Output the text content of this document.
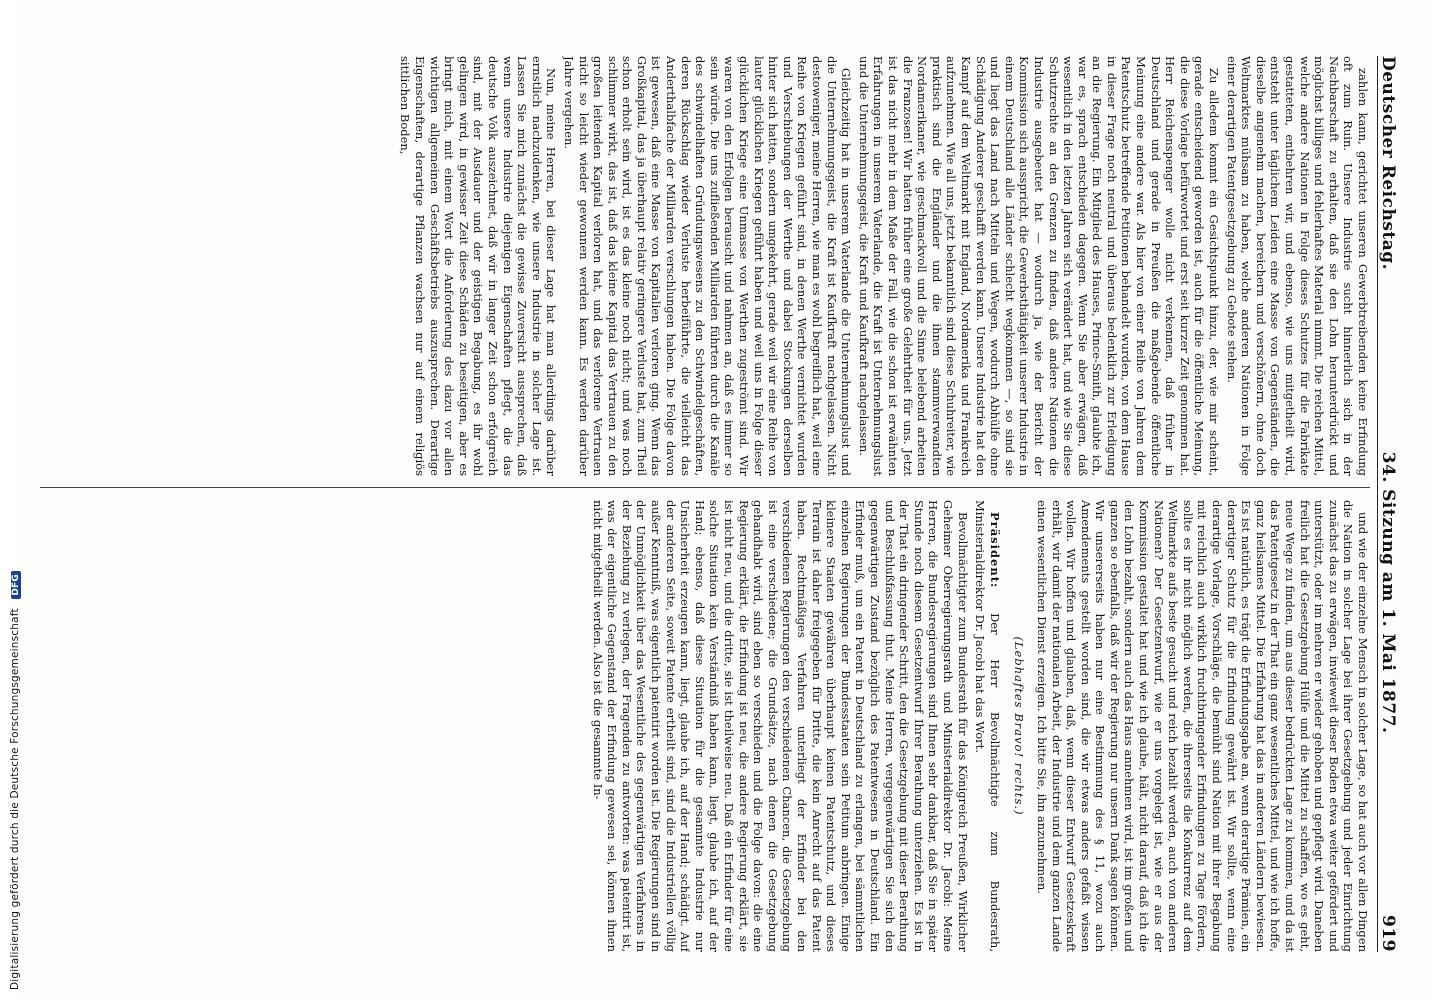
Deutscher Reichstag.
34. Sitzung am 1. Mai 1877.
919

zahlen kann, gerichtet unseren Gewerbtreibenden keine Erfindung oft zum Ruin. Unsere Industrie sucht hinnerlich sich in der Nachbarschaft zu erhalten, daß sie den Lohn herunterdrückt und möglichst billiges und fehlerhaftes Material nimmt. Die reichen Mittel, welche andere Nationen in Folge dieses Schutzes für die Fabrikate gestatteten, entbehren wir, und ebenso, wie uns mitgetheilt wird, entsteht unter täglichem Leiden eine Masse von Gegenständen, die dieselbe angenehm machen, bereichern und verschönern, ohne doch Weltmarktes mühsam zu haben, welche anderen Nationen in Folge einer derartigen Patentgesetzgebung zu Gebote stehen.

Zu alledem kommt ein Gesichtspunkt hinzu, der, wie mir scheint, gerade entscheidend geworden ist, auch für die öffentliche Meinung, die diese Vorlage befürwortet und erst seit kurzer Zeit genommen hat. Herr Reichenspenger wolle nicht verkennen, daß früher in Deutschland und gerade in Preußen die maßgebende öffentliche Meinung eine andere war. Als hier von einer Reihe von Jahren dem Patentschutz betreffende Petitionen behandelt wurden, von dem Hause in dieser Frage noch neutral und überaus bedenklich zur Erledigung an die Regierung. Ein Mitglied des Hauses, Prince-Smith, glaubte ich, war es, sprach entschieden dagegen. Wenn Sie aber erwägen, daß wesentlich in den letzten Jahren sich verändert hat, und wie Sie diese Schutzrechte an den Grenzen zu finden, daß andere Nationen die Industrie ausgebeutet hat — wodurch ja, wie der Bericht der Kommission sich ausspricht, die Gewerbsthätigkeit unserer Industrie in einem Deutschland alle Länder schlecht wegkommen —, so sind sie und liegt das Land nach Mitteln und Wegen, wodurch Abhülfe ohne Schädigung Anderer geschafft werden kann. Unsere Industrie hat den Kampf auf dem Weltmarkt mit England, Nordamerika und Frankreich aufzunehmen. Wie all uns, jetzt bekanntlich sind diese Schuhreiter, wie praktisch sind die Engländer und die ihnen stammverwandten Nordamerikaner, wie geschmackvoll und die Sinne belebend arbeiten die Franzosen! Wir hatten früher eine große Gelehrtheit für uns. Jetzt ist das nicht mehr in dem Maße der Fall, wie die schon ist erwähnten Erfahrungen in unserem Vaterlande, die Kraft ist Unternehmungslust und die Unternehmungsgeist, die Kraft und Kaufkraft nachgelassen.

Gleichzeitig hat in unserem Vaterlande die Unternehmungslust und die Unternehmungsgeist, die Kraft ist Kaufkraft nachgelassen. Nicht destoweniger, meine Herren, wie man es wohl begreiflich hat, weil eine Reihe von Kriegen geführt sind, in denen Werthe vernichtet wurden und Verschiebungen der Werthe und dabei Stockungen derselben hinter sich hatten, sondern umgekehrt, gerade weil wir eine Reihe von lauter glücklichen Kriegen geführt haben und weil uns in Folge dieser glücklichen Kriege eine Unmasse von Werthen zugeströmt sind. Wir waren von den Erfolgen berauscht und nahmen an, daß es immer so sein würde. Die uns zufließenden Milliarden führten durch die Kanäle des schwindelhaften Gründungswesens zu den Schwindelgeschäften, deren Rückschlag wieder Verluste herbeiführte, die vielleicht das Anderthalbfache der Milliarden verschlungen haben. Die Folge davon ist gewesen, daß eine Masse von Kapitalien verloren ging. Wenn das Großkapital, das ja überhaupt relativ geringere Verluste hat, zum Theil schon erholt sein wird, ist es das kleine noch nicht; und was noch schlimmer wirkt, das ist, daß das kleine Kapital das Vertrauen zu den großen leitenden Kapital verloren hat, und das verlorene Vertrauen nicht so leicht wieder gewonnen werden kann. Es werden darüber Jahre vergehen.

Nun, meine Herren, bei dieser Lage hat man allerdings darüber ernstlich nachzudenken, wie unsere Industrie in solcher Lage ist. Lassen Sie mich zunächst die gewisse Zuversicht aussprechen, daß wenn unsere Industrie diejenigen Eigenschaften pflegt, die das deutsche Volk auszeichnet, daß wir in langer Zeit schon erfolgreich sind, mit der Ausdauer und der geistigen Begabung, es ihr wohl gelingen wird, in gewisser Zeit diese Schäden zu beseitigen, aber es bringt mich, mit einem Wort die Anforderung des dazu vor allen wichtigen allgemeinen Geschäftsbetriebs auszusprechen. Derartige Eigenschaften, derartige Pflanzen wachsen nur auf einem religiös sittlichen Boden,

und wie der einzelne Mensch in solcher Lage, so hat auch vor allen Dingen die Nation in solcher Lage bei ihrer Gesetzgebung und jeder Einrichtung zunächst das zu erwägen, inwieweit dieser Boden etwa weiter gefördert und unterstützt, oder im mehren er wieder gehoben und gepflegt wird. Daneben freilich hat die Gesetzgebung Hülfe und die Mittel zu schaffen, wo es geht, neue Wege zu finden, um aus dieser bedrückten Lage zu kommen, und da ist das Patentgesetz in der That ein ganz wesentliches Mittel, und wie ich hoffe, ganz heilsames Mittel. Die Erfahrung hat das in anderen Ländern bewiesen. Es ist natürlich, es trägt die Erfindungsgabe an, wenn derartige Prämien, ein derartiger Schutz für die Erfindung gewährt ist. Wir sollte, wenn eine derartige Vorlage, Vorschläge, die bemüht sind Nation mit ihrer Begabung mit reichlich auch wirklich fruchtbringender Erfindungen zu Tage fördern, sollte es ihr nicht möglich werden, die ihrerseits die Konkurrenz auf dem Weltmarkte aufs beste gesucht und reich bezahlt werden, auch von anderen Nationen? Der Gesetzentwurf, wie er uns vorgelegt ist, wie er aus der Kommission gestaltet hat und wie ich glaube, hält, nicht darauf, daß ich die den Lohn bezahlt, sondern auch das Haus annehmen wird, ist im großen und ganzen so ebenfalls, daß wir der Regierung nur unsern Dank sagen können. Wir unsererseits haben nur eine Bestimmung des § 11, wozu auch Amendements gestellt worden sind, die wir etwas anders gefaßt wissen wollen. Wir hoffen und glauben, daß, wenn dieser Entwurf Gesetzeskraft erhält, wir damit der nationalen Arbeit, der Industrie und dem ganzen Lande einen wesentlichen Dienst erzeigen. Ich bitte Sie, ihn anzunehmen.

(Lebhaftes Bravo! rechts.)

Präsident: Der Herr Bevollmächtigte zum Bundesrath, Ministerialdirektor Dr. Jacobi hat das Wort.

Bevollmächtigter zum Bundesrath für das Königreich Preußen, Wirklicher Geheimer Oberregierungsrath und Ministerialdirektor Dr. Jacobi: Meine Herren, die Bundesregierungen sind Ihnen sehr dankbar, daß Sie in später Stunde noch diesem Gesetzentwurf Ihrer Berathung unterziehen. Es ist in der That ein dringender Schritt, den die Gesetzgebung mit dieser Berathung und Beschlußfassung thut. Meine Herren, vergegenwärtigen Sie sich den gegenwärtigen Zustand bezüglich des Patentwesens in Deutschland. Ein Erfinder muß, um ein Patent in Deutschland zu erlangen, bei sämmtlichen einzelnen Regierungen der Bundesstaaten sein Petitum anbringen. Einige kleinere Staaten gewähren überhaupt keinen Patentschutz, und dieses Terrain ist daher freigegeben für Dritte, die kein Anrecht auf das Patent haben. Rechtmäßiges Verfahren unterliegt der Erfinder bei den verschiedenen Regierungen den verschiedenen Chancen, die Gesetzgebung ist eine verschiedene; die Grundsätze, nach denen die Gesetzgebung gehandhabt wird, sind eben so verschieden und die Folge davon: die eine Regierung erklärt, die Erfindung ist neu, die andere Regierung erklärt, sie ist nicht neu, und die dritte, sie ist theilweise neu. Daß ein Erfinder für eine solche Situation kein Verständniß haben kann, liegt, glaube ich, auf der Hand; ebenso, daß diese Situation für die gesammte Industrie nur Unsicherheit erzeugen kann, liegt, glaube ich, auf der Hand; schädigt. Auf der anderen Seite, soweit Patente ertheilt sind, sind die Industriellen völlig außer Kenntniß, was eigentlich patentirt worden ist. Die Regierungen sind in der Unmöglichkeit über das Wesentliche des gegenwärtigen Verfahrens in der Beziehung zu verlegen, der Fragenden zu antworten: was patentirt ist, was der eigentliche Gegenstand der Erfindung gewesen sei, können ihnen nicht mitgetheilt werden. Also ist die gesammte In-

Digitalisierung gefördert durch die Deutsche Forschungsgemeinschaft DFG
